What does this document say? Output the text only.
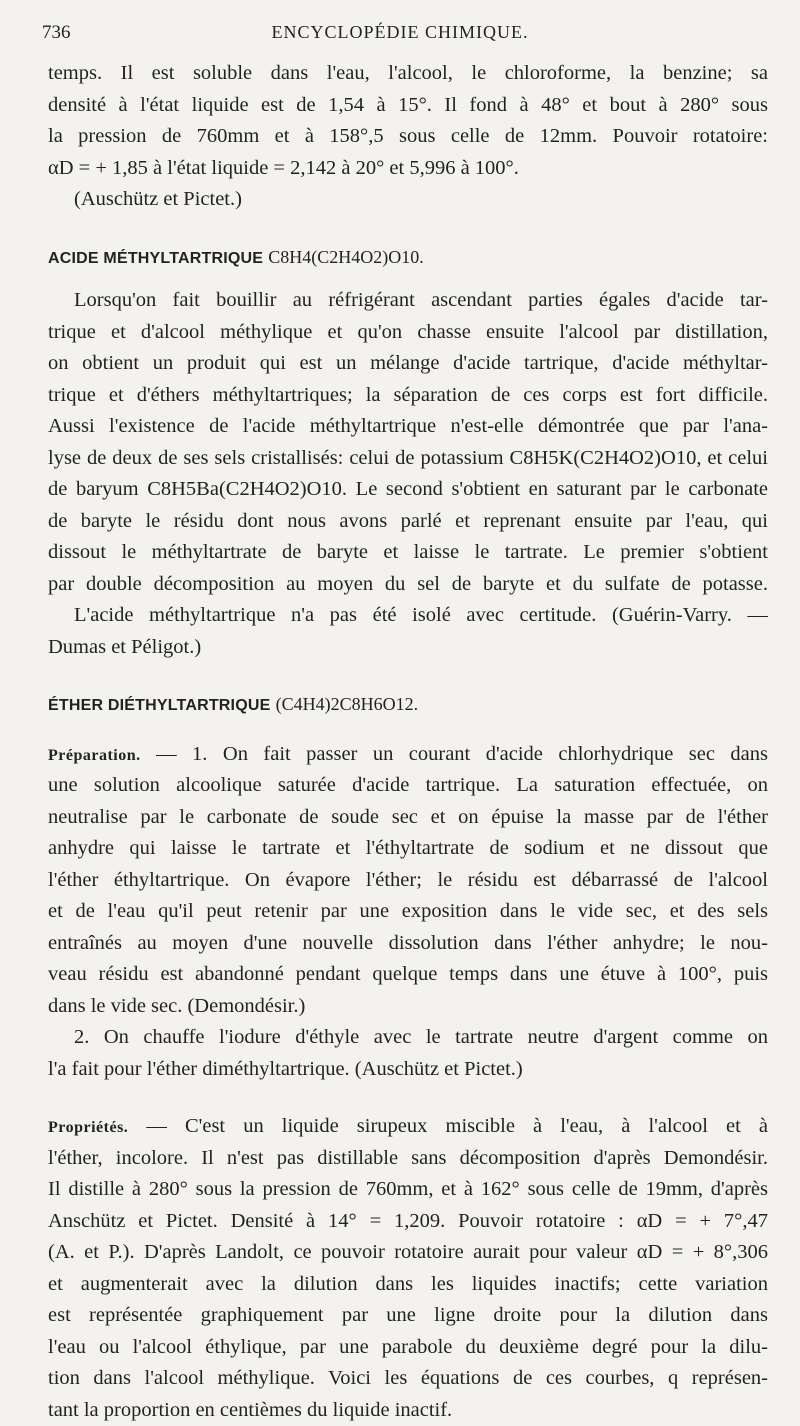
736	ENCYCLOPÉDIE CHIMIQUE.
temps. Il est soluble dans l'eau, l'alcool, le chloroforme, la benzine; sa
densité à l'état liquide est de 1,54 à 15°. Il fond à 48° et bout à 280° sous
la pression de 760mm et à 158°,5 sous celle de 12mm. Pouvoir rotatoire:
αD = + 1,85 à l'état liquide = 2,142 à 20° et 5,996 à 100°.
(Auschütz et Pictet.)
ACIDE MÉTHYLTARTRIQUE C8H4(C2H4O2)O10.
Lorsqu'on fait bouillir au réfrigérant ascendant parties égales d'acide tar-
trique et d'alcool méthylique et qu'on chasse ensuite l'alcool par distillation,
on obtient un produit qui est un mélange d'acide tartrique, d'acide méthyltar-
trique et d'éthers méthyltartriques; la séparation de ces corps est fort difficile.
Aussi l'existence de l'acide méthyltartrique n'est-elle démontrée que par l'ana-
lyse de deux de ses sels cristallisés: celui de potassium C8H5K(C2H4O2)O10, et celui
de baryum C8H5Ba(C2H4O2)O10. Le second s'obtient en saturant par le carbonate
de baryte le résidu dont nous avons parlé et reprenant ensuite par l'eau, qui
dissout le méthyltartrate de baryte et laisse le tartrate. Le premier s'obtient
par double décomposition au moyen du sel de baryte et du sulfate de potasse.
L'acide méthyltartrique n'a pas été isolé avec certitude. (Guérin-Varry. —
Dumas et Péligot.)
ÉTHER DIÉTHYLTARTRIQUE (C4H4)2C8H6O12.
Préparation. — 1. On fait passer un courant d'acide chlorhydrique sec dans
une solution alcoolique saturée d'acide tartrique. La saturation effectuée, on
neutralise par le carbonate de soude sec et on épuise la masse par de l'éther
anhydre qui laisse le tartrate et l'éthyltartrate de sodium et ne dissout que
l'éther éthyltartrique. On évapore l'éther; le résidu est débarrassé de l'alcool
et de l'eau qu'il peut retenir par une exposition dans le vide sec, et des sels
entraînés au moyen d'une nouvelle dissolution dans l'éther anhydre; le nou-
veau résidu est abandonné pendant quelque temps dans une étuve à 100°, puis
dans le vide sec. (Demondésir.)
2. On chauffe l'iodure d'éthyle avec le tartrate neutre d'argent comme on
l'a fait pour l'éther diméthyltartrique. (Auschütz et Pictet.)
Propriétés. — C'est un liquide sirupeux miscible à l'eau, à l'alcool et à
l'éther, incolore. Il n'est pas distillable sans décomposition d'après Demondésir.
Il distille à 280° sous la pression de 760mm, et à 162° sous celle de 19mm, d'après
Anschütz et Pictet. Densité à 14° = 1,209. Pouvoir rotatoire : αD = + 7°,47
(A. et P.). D'après Landolt, ce pouvoir rotatoire aurait pour valeur αD = + 8°,306
et augmenterait avec la dilution dans les liquides inactifs; cette variation
est représentée graphiquement par une ligne droite pour la dilution dans
l'eau ou l'alcool éthylique, par une parabole du deuxième degré pour la dilu-
tion dans l'alcool méthylique. Voici les équations de ces courbes, q représen-
tant la proportion en centièmes du liquide inactif.
